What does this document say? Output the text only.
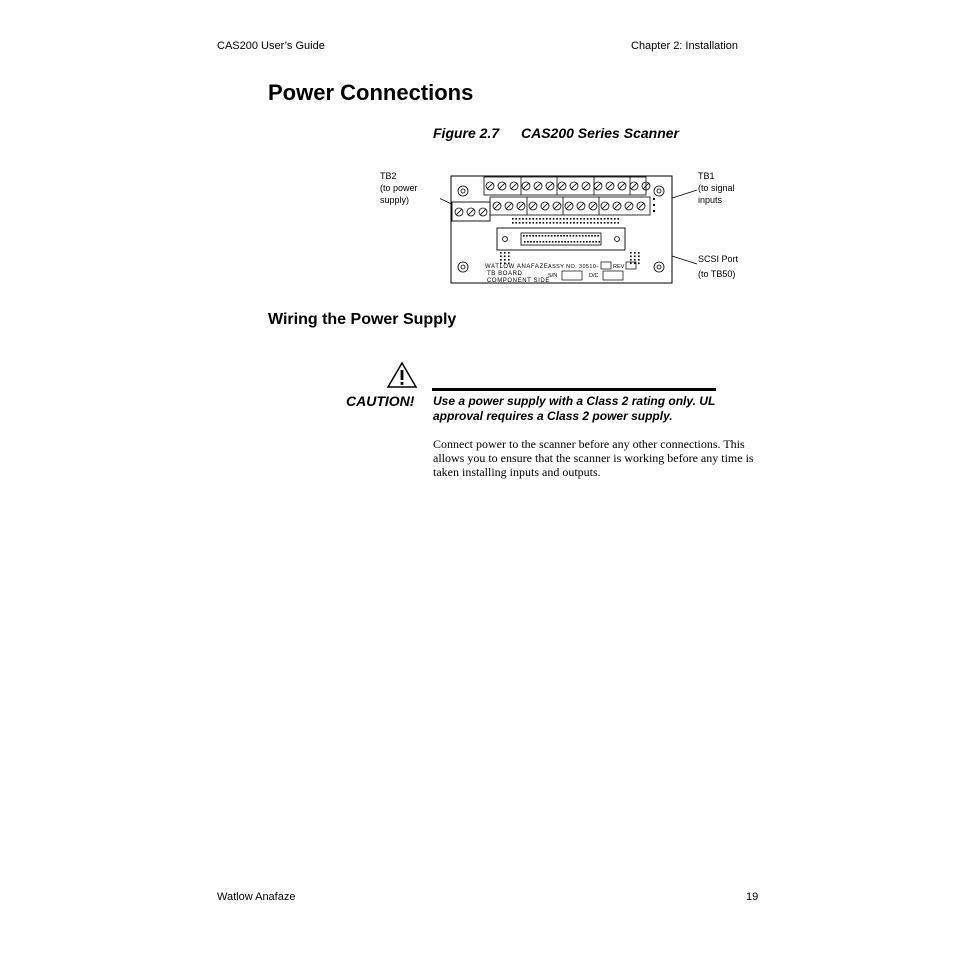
CAS200 User’s Guide	Chapter 2: Installation
Power Connections
Figure 2.7 CAS200 Series Scanner
TB2
(to power
supply)
TB1
(to signal
inputs
SCSI Port
(to TB50)
WATLOW ANAFAZE
TB BOARD
COMPONENT SIDE
ASSY NO. 30510-	REV
S/N	D/C
Wiring the Power Supply
CAUTION! Use a power supply with a Class 2 rating only. UL approval requires a Class 2 power supply.
Connect power to the scanner before any other connections. This allows you to ensure that the scanner is working before any time is taken installing inputs and outputs.
Watlow Anafaze	19
